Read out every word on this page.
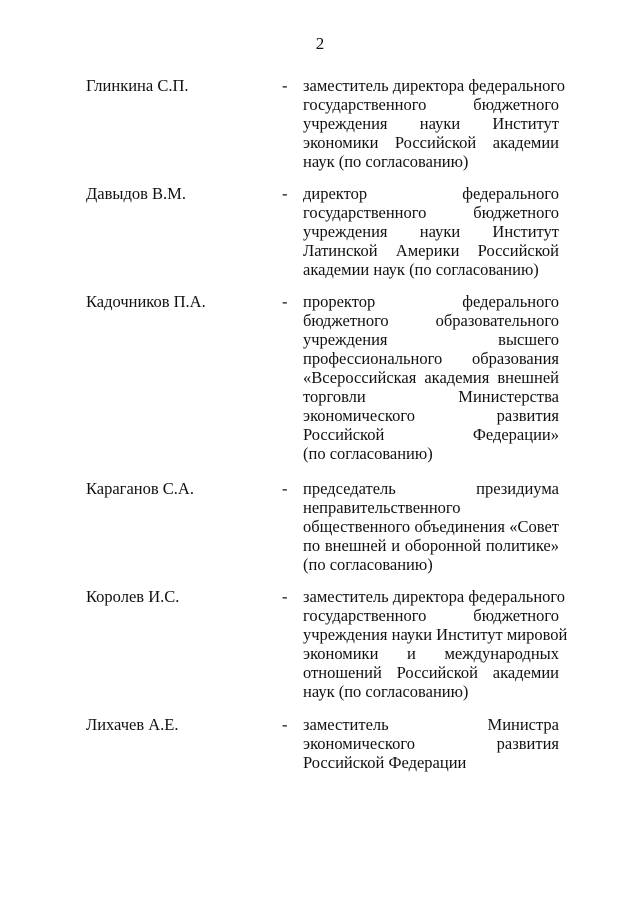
2
Глинкина С.П.	- заместитель директора федерального
государственного бюджетного
учреждения науки Институт
экономики Российской академии
наук (по согласованию)
Давыдов В.М.	- директор федерального
государственного бюджетного
учреждения науки Институт
Латинской Америки Российской
академии наук (по согласованию)
Кадочников П.А.	- проректор федерального
бюджетного образовательного
учреждения высшего
профессионального образования
«Всероссийская академия внешней
торговли Министерства
экономического развития
Российской Федерации»
(по согласованию)
Караганов С.А.	- председатель президиума
неправительственного
общественного объединения «Совет
по внешней и оборонной политике»
(по согласованию)
Королев И.С.	- заместитель директора федерального
государственного бюджетного
учреждения науки Институт мировой
экономики и международных
отношений Российской академии
наук (по согласованию)
Лихачев А.Е.	- заместитель Министра
экономического развития
Российской Федерации
